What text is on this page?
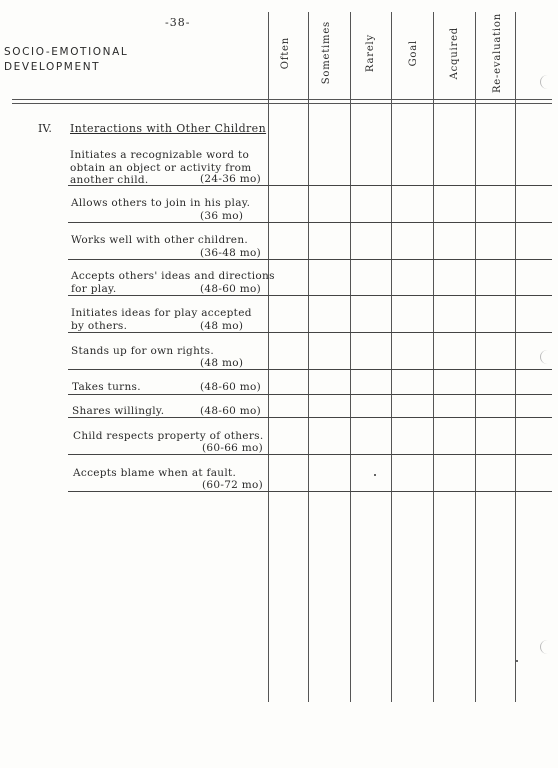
-38-
SOCIO-EMOTIONAL
DEVELOPMENT	Often	Sometimes	Rarely	Goal	Acquired	Re-evaluation
IV. Interactions with Other Children
Initiates a recognizable word to
obtain an object or activity from
another child.	(24-36 mo)
Allows others to join in his play.
(36 mo)
Works well with other children.
(36-48 mo)
Accepts others' ideas and directions
for play.	(48-60 mo)
Initiates ideas for play accepted
by others.	(48 mo)
Stands up for own rights.
(48 mo)
Takes turns.	(48-60 mo)
Shares willingly.	(48-60 mo)
Child respects property of others.
(60-66 mo)
Accepts blame when at fault.
(60-72 mo)
